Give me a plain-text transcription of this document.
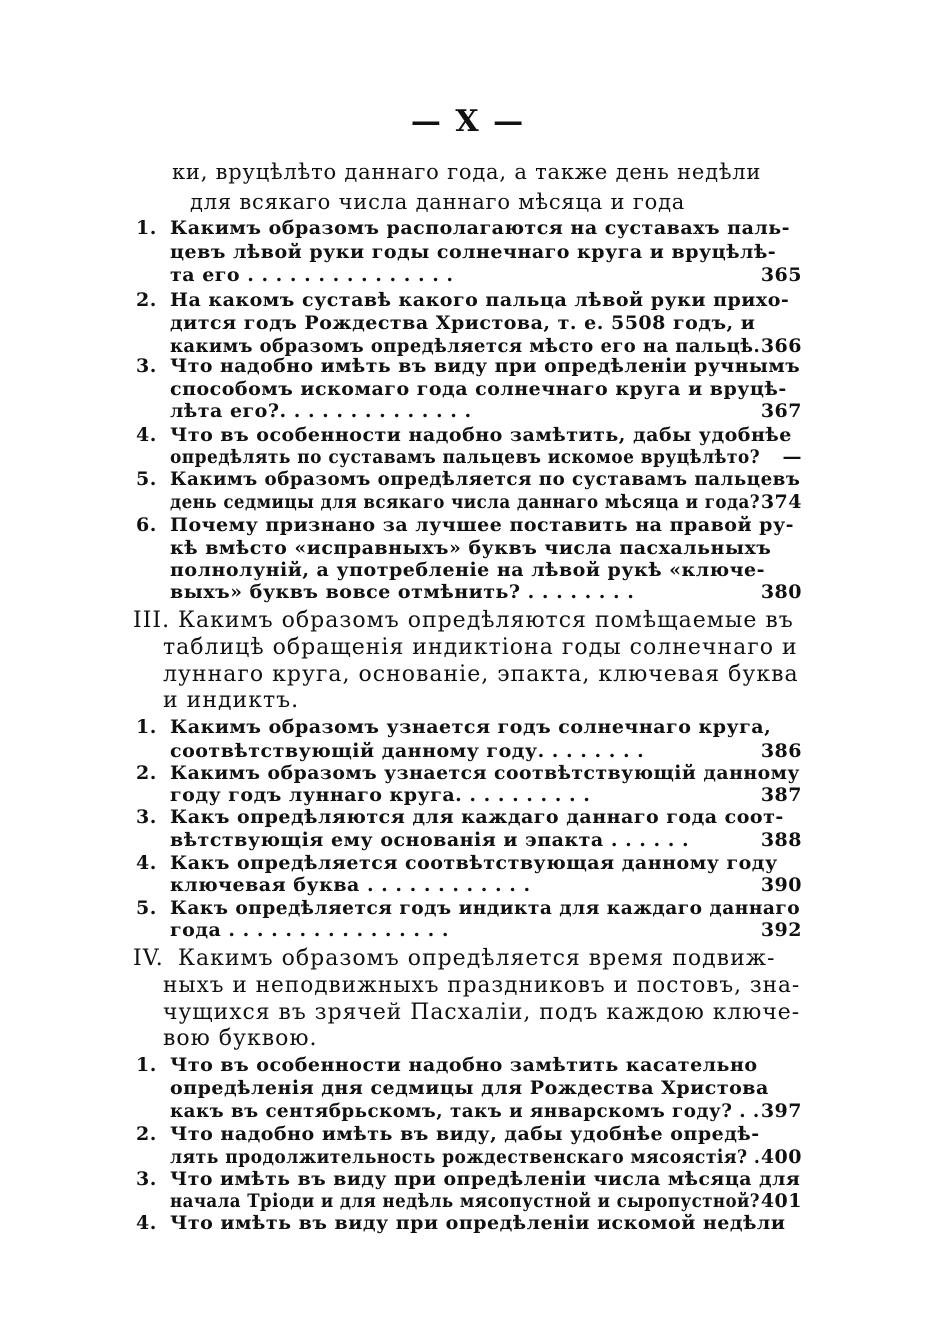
— X —
ки, вруцѣлѣто даннаго года, а также день недѣли
для всякаго числа даннаго мѣсяца и года
1. Какимъ образомъ располагаются на суставахъ паль-
цевъ лѣвой руки годы солнечнаго круга и вруцѣлѣ-
та его . . . . . . . . . . . . . . .	365
2. На какомъ суставѣ какого пальца лѣвой руки прихо-
дится годъ Рождества Христова, т. е. 5508 годъ, и
какимъ образомъ опредѣляется мѣсто его на пальцѣ. 366
3. Что надобно имѣть въ виду при опредѣленіи ручнымъ
способомъ искомаго года солнечнаго круга и вруцѣ-
лѣта его?. . . . . . . . . . . . . .	367
4. Что въ особенности надобно замѣтить, дабы удобнѣе
опредѣлять по суставамъ пальцевъ искомое вруцѣлѣто? —
5. Какимъ образомъ опредѣляется по суставамъ пальцевъ
день седмицы для всякаго числа даннаго мѣсяца и года? 374
6. Почему признано за лучшее поставить на правой ру-
кѣ вмѣсто «исправныхъ» буквъ числа пасхальныхъ
полнолуній, а употребленіе на лѣвой рукѣ «ключе-
выхъ» буквъ вовсе отмѣнить? . . . . . . . .	380
III. Какимъ образомъ опредѣляются помѣщаемые въ
таблицѣ обращенія индиктіона годы солнечнаго и
луннаго круга, основаніе, эпакта, ключевая буква
и индиктъ.
1. Какимъ образомъ узнается годъ солнечнаго круга,
соотвѣтствующій данному году. . . . . . . .	386
2. Какимъ образомъ узнается соотвѣтствующій данному
году годъ луннаго круга. . . . . . . . . .	387
3. Какъ опредѣляются для каждаго даннаго года соот-
вѣтствующія ему основанія и эпакта . . . . . .	388
4. Какъ опредѣляется соотвѣтствующая данному году
ключевая буква . . . . . . . . . . . .	390
5. Какъ опредѣляется годъ индикта для каждаго даннаго
года . . . . . . . . . . . . . . . .	392
IV. Какимъ образомъ опредѣляется время подвиж-
ныхъ и неподвижныхъ праздниковъ и постовъ, зна-
чущихся въ зрячей Пасхаліи, подъ каждою ключе-
вою буквою.
1. Что въ особенности надобно замѣтить касательно
опредѣленія дня седмицы для Рождества Христова
какъ въ сентябрьскомъ, такъ и январскомъ году? . . 397
2. Что надобно имѣть въ виду, дабы удобнѣе опредѣ-
лять продолжительность рождественскаго мясоястія? . 400
3. Что имѣть въ виду при опредѣленіи числа мѣсяца для
начала Тріоди и для недѣль мясопустной и сыропустной? 401
4. Что имѣть въ виду при опредѣленіи искомой недѣли
